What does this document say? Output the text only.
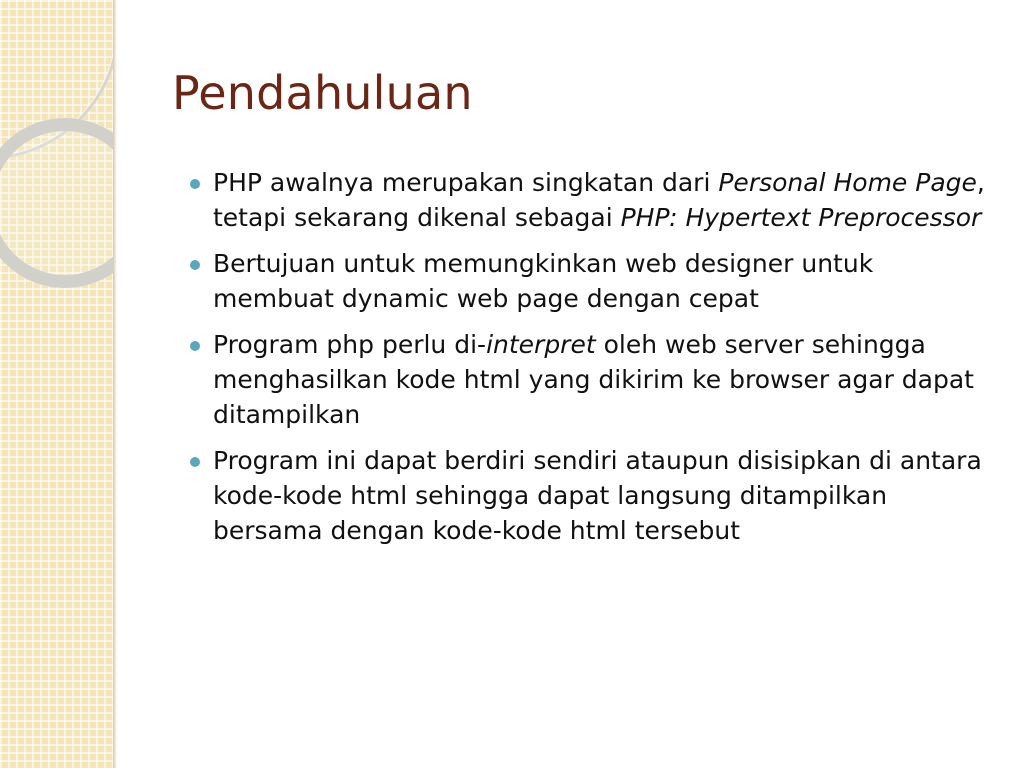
Pendahuluan
PHP awalnya merupakan singkatan dari Personal Home Page, tetapi sekarang dikenal sebagai PHP: Hypertext Preprocessor
Bertujuan untuk memungkinkan web designer untuk membuat dynamic web page dengan cepat
Program php perlu di-interpret oleh web server sehingga menghasilkan kode html yang dikirim ke browser agar dapat ditampilkan
Program ini dapat berdiri sendiri ataupun disisipkan di antara kode-kode html sehingga dapat langsung ditampilkan bersama dengan kode-kode html tersebut
